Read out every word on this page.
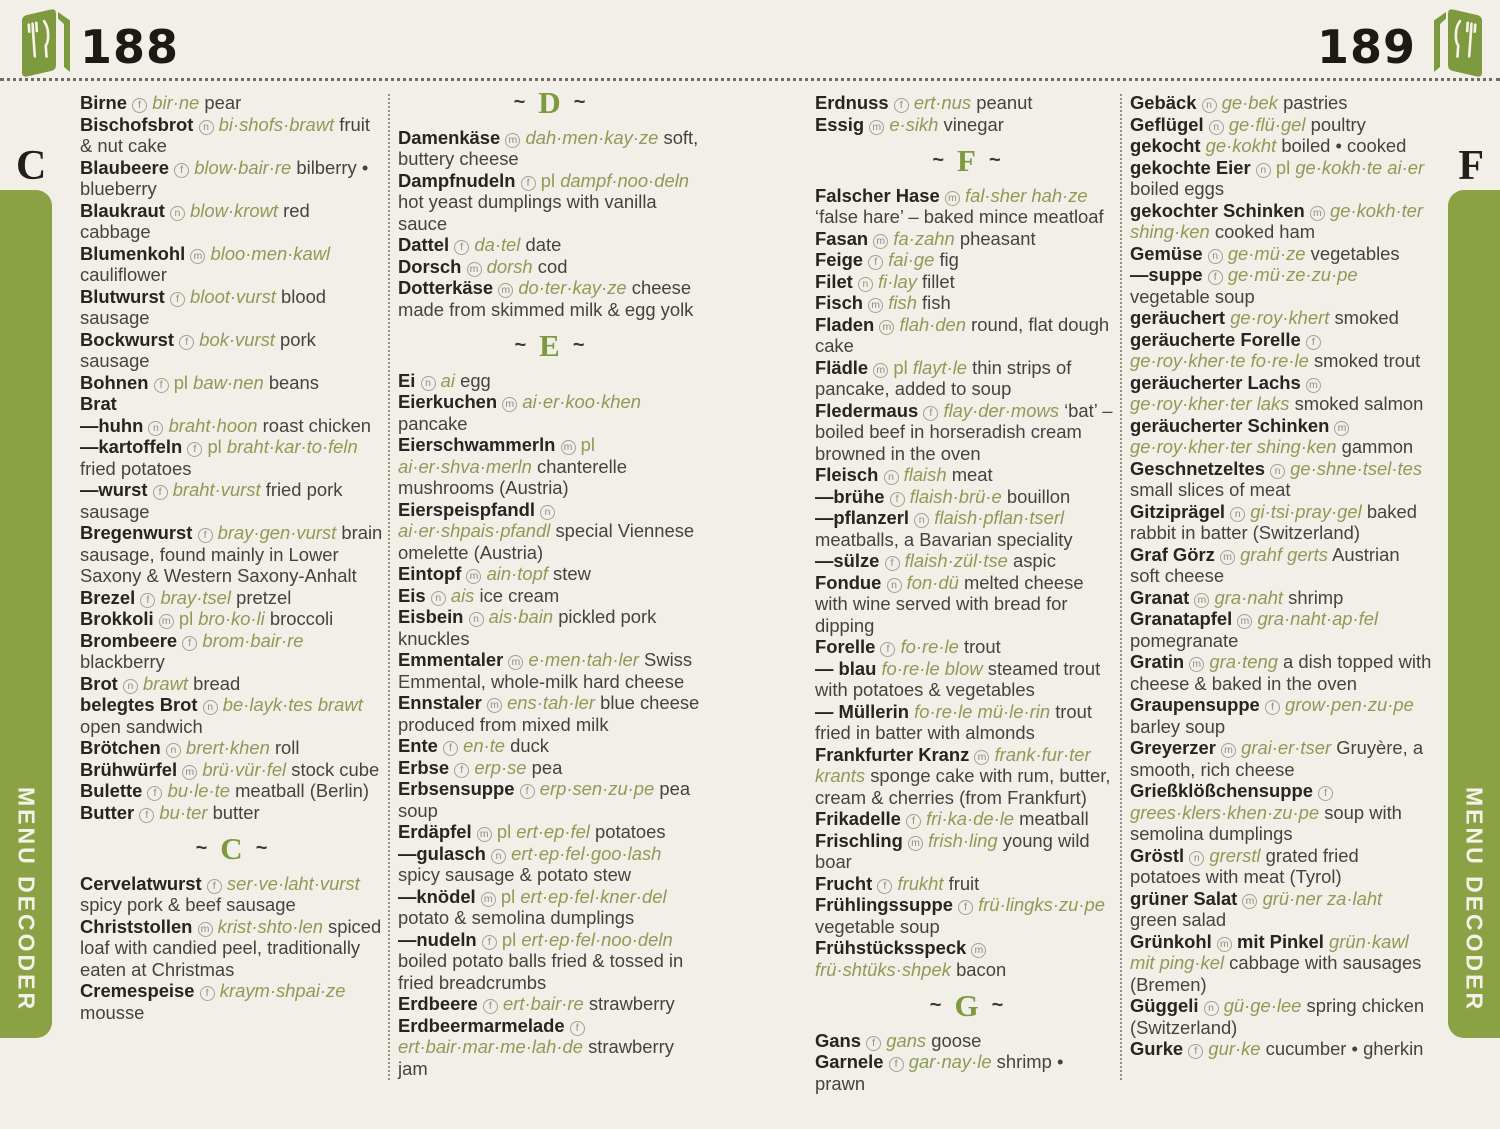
188	189
C
MENU DECODER
F
MENU DECODER
Birne f bir·ne pear
Bischofsbrot n bi·shofs·brawt fruit & nut cake
Blaubeere f blow·bair·re bilberry • blueberry
Blaukraut n blow·krowt red cabbage
Blumenkohl m bloo·men·kawl cauliflower
Blutwurst f bloot·vurst blood sausage
Bockwurst f bok·vurst pork sausage
Bohnen f pl baw·nen beans
Brat
—huhn n braht·hoon roast chicken
—kartoffeln f pl braht·kar·to·feln fried potatoes
—wurst f braht·vurst fried pork sausage
Bregenwurst f bray·gen·vurst brain sausage, found mainly in Lower Saxony & Western Saxony-Anhalt
Brezel f bray·tsel pretzel
Brokkoli m pl bro·ko·li broccoli
Brombeere f brom·bair·re blackberry
Brot n brawt bread
belegtes Brot n be·layk·tes brawt open sandwich
Brötchen n brert·khen roll
Brühwürfel m brü·vür·fel stock cube
Bulette f bu·le·te meatball (Berlin)
Butter f bu·ter butter
~ C ~
Cervelatwurst f ser·ve·laht·vurst spicy pork & beef sausage
Christstollen m krist·shto·len spiced loaf with candied peel, traditionally eaten at Christmas
Cremespeise f kraym·shpai·ze mousse
~ D ~
Damenkäse m dah·men·kay·ze soft, buttery cheese
Dampfnudeln f pl dampf·noo·deln hot yeast dumplings with vanilla sauce
Dattel f da·tel date
Dorsch m dorsh cod
Dotterkäse m do·ter·kay·ze cheese made from skimmed milk & egg yolk
~ E ~
Ei n ai egg
Eierkuchen m ai·er·koo·khen pancake
Eierschwammerln m pl ai·er·shva·merln chanterelle mushrooms (Austria)
Eierspeispfandl n ai·er·shpais·pfandl special Viennese omelette (Austria)
Eintopf m ain·topf stew
Eis n ais ice cream
Eisbein n ais·bain pickled pork knuckles
Emmentaler m e·men·tah·ler Swiss Emmental, whole-milk hard cheese
Ennstaler m ens·tah·ler blue cheese produced from mixed milk
Ente f en·te duck
Erbse f erp·se pea
Erbsensuppe f erp·sen·zu·pe pea soup
Erdäpfel m pl ert·ep·fel potatoes
—gulasch n ert·ep·fel·goo·lash spicy sausage & potato stew
—knödel m pl ert·ep·fel·kner·del potato & semolina dumplings
—nudeln f pl ert·ep·fel·noo·deln boiled potato balls fried & tossed in fried breadcrumbs
Erdbeere f ert·bair·re strawberry
Erdbeermarmelade f ert·bair·mar·me·lah·de strawberry jam
Erdnuss f ert·nus peanut
Essig m e·sikh vinegar
~ F ~
Falscher Hase m fal·sher hah·ze ‘false hare’ – baked mince meatloaf
Fasan m fa·zahn pheasant
Feige f fai·ge fig
Filet n fi·lay fillet
Fisch m fish fish
Fladen m flah·den round, flat dough cake
Flädle m pl flayt·le thin strips of pancake, added to soup
Fledermaus f flay·der·mows ‘bat’ – boiled beef in horseradish cream browned in the oven
Fleisch n flaish meat
—brühe f flaish·brü·e bouillon
—pflanzerl n flaish·pflan·tserl meatballs, a Bavarian speciality
—sülze f flaish·zül·tse aspic
Fondue n fon·dü melted cheese with wine served with bread for dipping
Forelle f fo·re·le trout
— blau fo·re·le blow steamed trout with potatoes & vegetables
— Müllerin fo·re·le mü·le·rin trout fried in batter with almonds
Frankfurter Kranz m frank·fur·ter krants sponge cake with rum, butter, cream & cherries (from Frankfurt)
Frikadelle f fri·ka·de·le meatball
Frischling m frish·ling young wild boar
Frucht f frukht fruit
Frühlingssuppe f frü·lingks·zu·pe vegetable soup
Frühstücksspeck m frü·shtüks·shpek bacon
~ G ~
Gans f gans goose
Garnele f gar·nay·le shrimp • prawn
Gebäck n ge·bek pastries
Geflügel n ge·flü·gel poultry
gekocht ge·kokht boiled • cooked
gekochte Eier n pl ge·kokh·te ai·er boiled eggs
gekochter Schinken m ge·kokh·ter shing·ken cooked ham
Gemüse n ge·mü·ze vegetables
—suppe f ge·mü·ze·zu·pe vegetable soup
geräuchert ge·roy·khert smoked
geräucherte Forelle f ge·roy·kher·te fo·re·le smoked trout
geräucherter Lachs m ge·roy·kher·ter laks smoked salmon
geräucherter Schinken m ge·roy·kher·ter shing·ken gammon
Geschnetzeltes n ge·shne·tsel·tes small slices of meat
Gitziprägel n gi·tsi·pray·gel baked rabbit in batter (Switzerland)
Graf Görz m grahf gerts Austrian soft cheese
Granat m gra·naht shrimp
Granatapfel m gra·naht·ap·fel pomegranate
Gratin m gra·teng a dish topped with cheese & baked in the oven
Graupensuppe f grow·pen·zu·pe barley soup
Greyerzer m grai·er·tser Gruyère, a smooth, rich cheese
Grießklößchensuppe f grees·klers·khen·zu·pe soup with semolina dumplings
Gröstl n grerstl grated fried potatoes with meat (Tyrol)
grüner Salat m grü·ner za·laht green salad
Grünkohl m mit Pinkel grün·kawl mit ping·kel cabbage with sausages (Bremen)
Güggeli n gü·ge·lee spring chicken (Switzerland)
Gurke f gur·ke cucumber • gherkin
